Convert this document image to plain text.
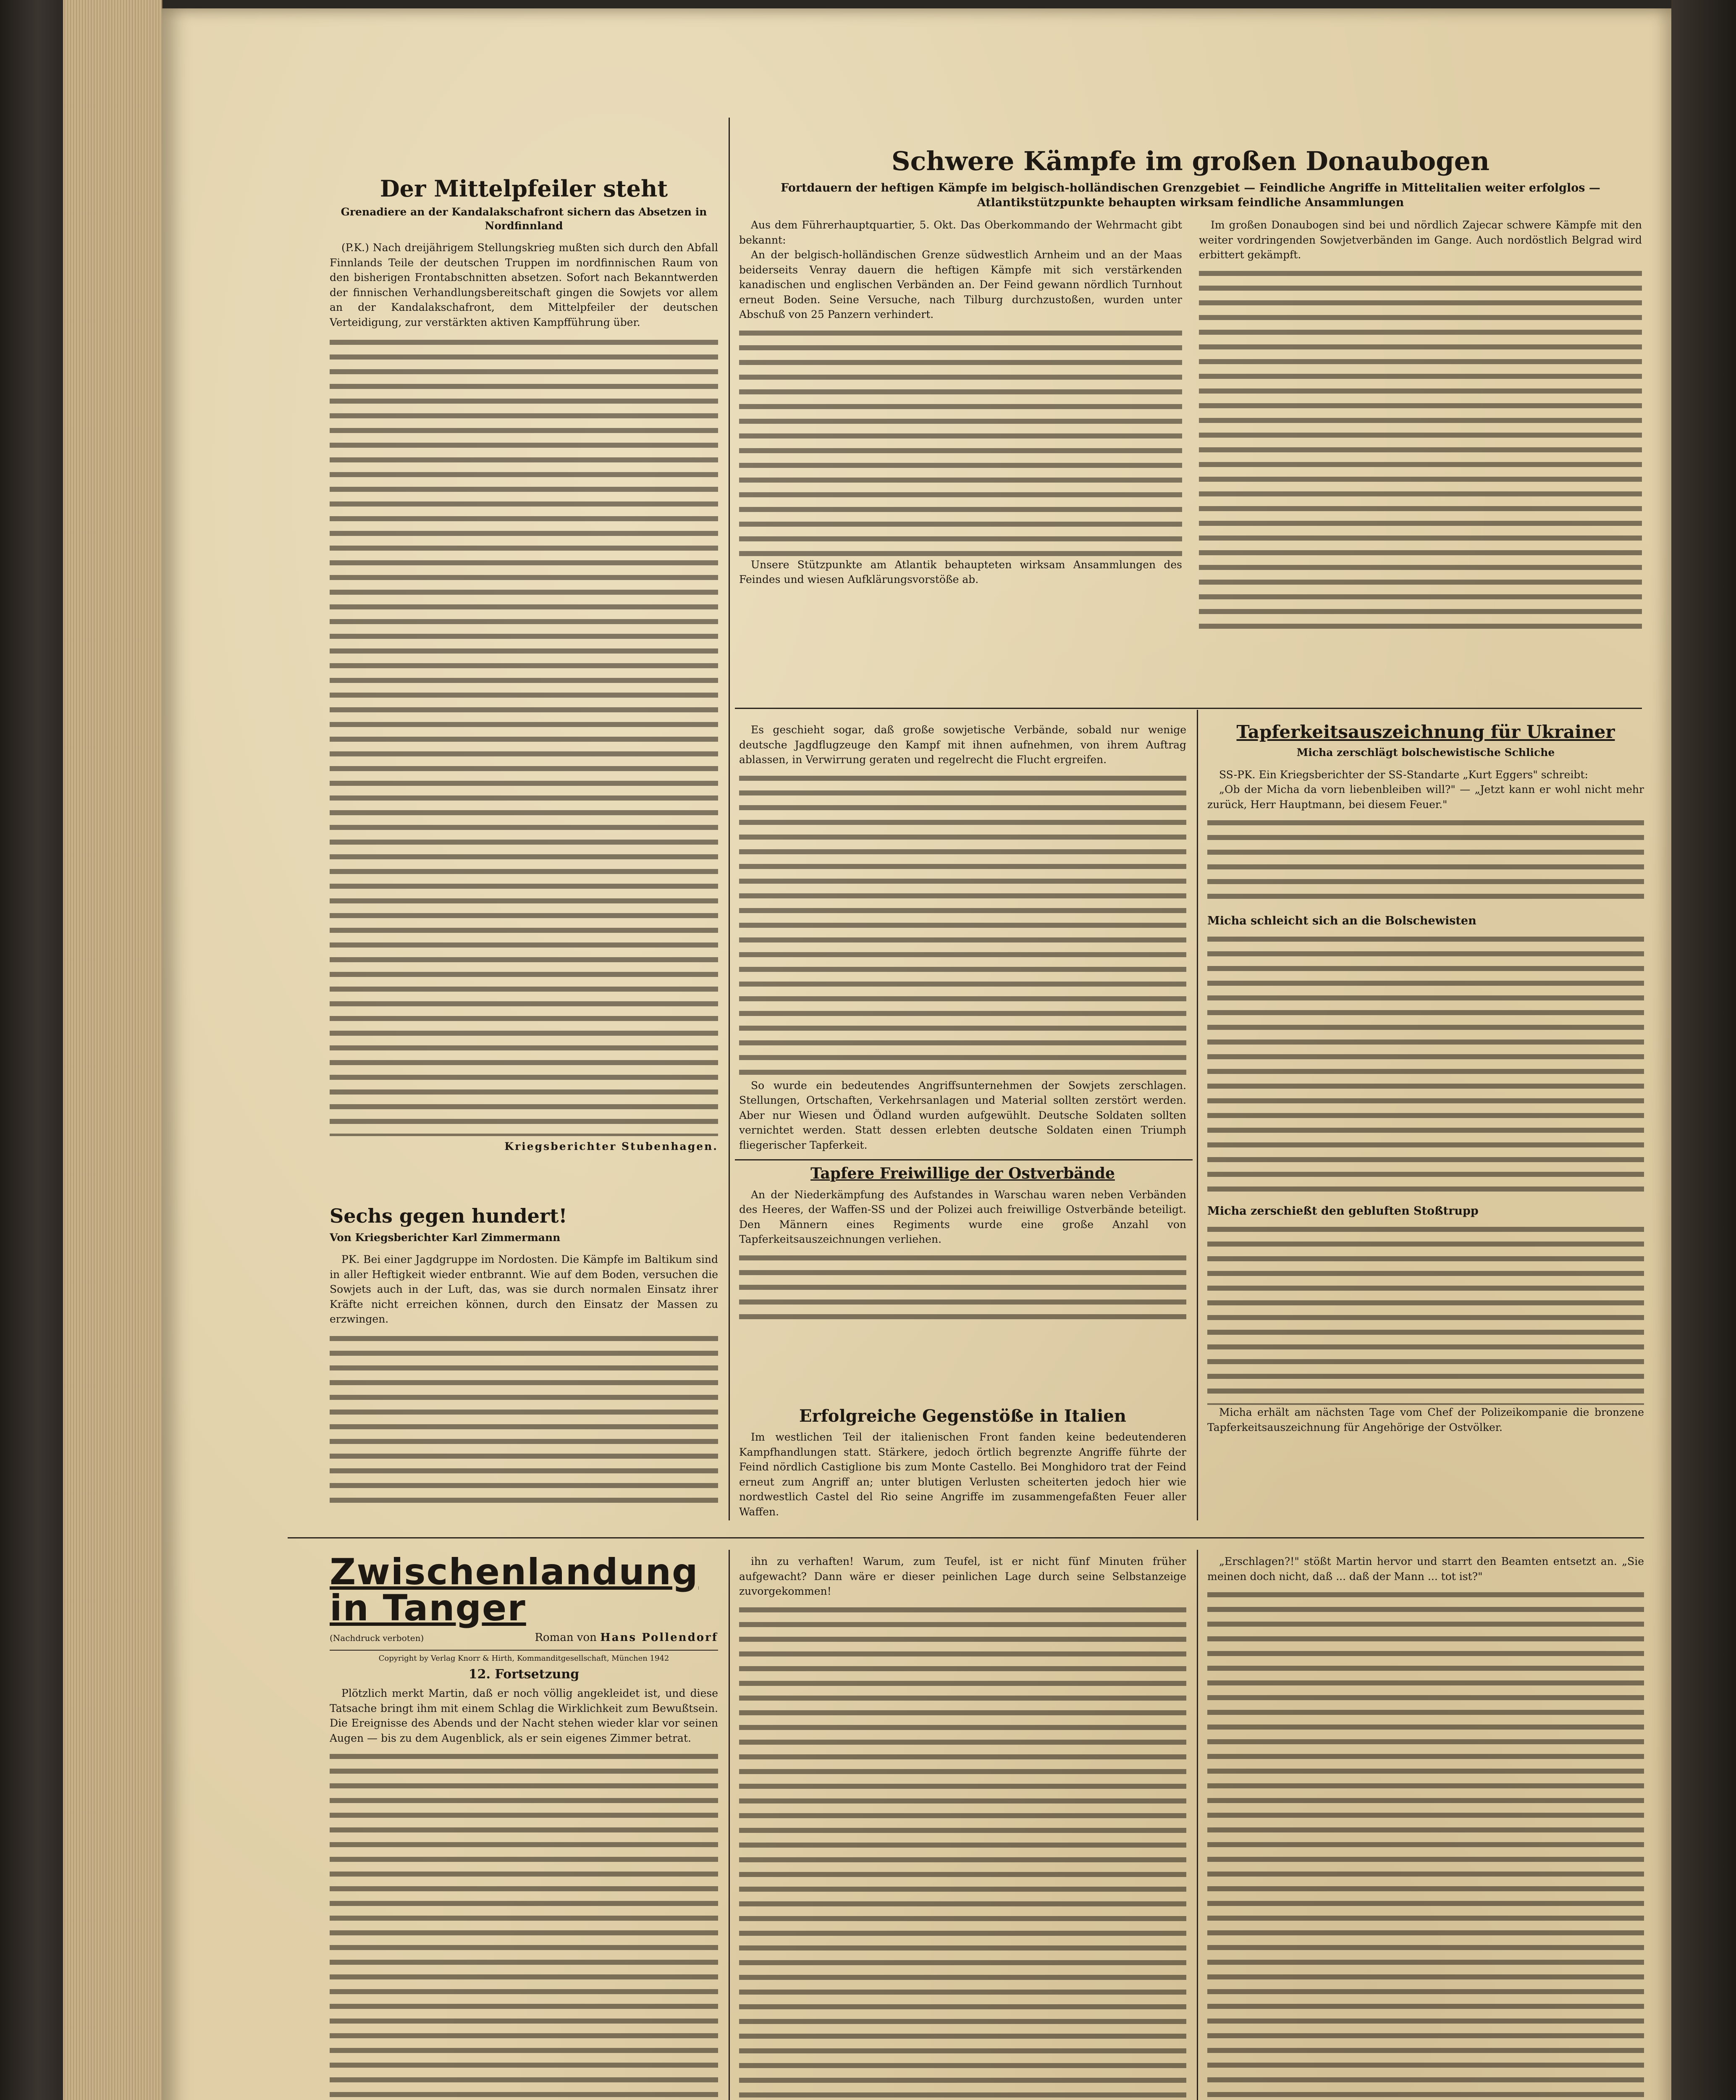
Der Mittelpfeiler steht
Grenadiere an der Kandalakschafront sichern das Absetzen in Nordfinnland

(P.K.) Nach dreijährigem Stellungskrieg mußten sich durch den Abfall Finnlands Teile der deutschen Truppen im nordfinnischen Raum von den bisherigen Frontabschnitten absetzen. Sofort nach Bekanntwerden der finnischen Verhandlungsbereitschaft gingen die Sowjets vor allem an der Kandalakschafront, dem Mittelpfeiler der deutschen Verteidigung, zur verstärkten aktiven Kampfführung über.

Kriegsberichter Stubenhagen.
Sechs gegen hundert!
Von Kriegsberichter Karl Zimmermann

PK. Bei einer Jagdgruppe im Nordosten. Die Kämpfe im Baltikum sind in aller Heftigkeit wieder entbrannt. Wie auf dem Boden, versuchen die Sowjets auch in der Luft, das, was sie durch normalen Einsatz ihrer Kräfte nicht erreichen können, durch den Einsatz der Massen zu erzwingen.

Schwere Kämpfe im großen Donaubogen
Fortdauern der heftigen Kämpfe im belgisch-holländischen Grenzgebiet — Feindliche Angriffe in Mittelitalien weiter erfolglos — Atlantikstützpunkte behaupten wirksam feindliche Ansammlungen

Aus dem Führerhauptquartier, 5. Okt. Das Oberkommando der Wehrmacht gibt bekannt:

An der belgisch-holländischen Grenze südwestlich Arnheim und an der Maas beiderseits Venray dauern die heftigen Kämpfe mit sich verstärkenden kanadischen und englischen Verbänden an. Der Feind gewann nördlich Turnhout erneut Boden. Seine Versuche, nach Tilburg durchzustoßen, wurden unter Abschuß von 25 Panzern verhindert.

Unsere Stützpunkte am Atlantik behaupteten wirksam Ansammlungen des Feindes und wiesen Aufklärungsvorstöße ab.

Im großen Donaubogen sind bei und nördlich Zajecar schwere Kämpfe mit den weiter vordringenden Sowjetverbänden im Gange. Auch nordöstlich Belgrad wird erbittert gekämpft.

Es geschieht sogar, daß große sowjetische Verbände, sobald nur wenige deutsche Jagdflugzeuge den Kampf mit ihnen aufnehmen, von ihrem Auftrag ablassen, in Verwirrung geraten und regelrecht die Flucht ergreifen.

So wurde ein bedeutendes Angriffsunternehmen der Sowjets zerschlagen. Stellungen, Ortschaften, Verkehrsanlagen und Material sollten zerstört werden. Aber nur Wiesen und Ödland wurden aufgewühlt. Deutsche Soldaten sollten vernichtet werden. Statt dessen erlebten deutsche Soldaten einen Triumph fliegerischer Tapferkeit.

Tapfere Freiwillige der Ostverbände

An der Niederkämpfung des Aufstandes in Warschau waren neben Verbänden des Heeres, der Waffen-SS und der Polizei auch freiwillige Ostverbände beteiligt. Den Männern eines Regiments wurde eine große Anzahl von Tapferkeitsauszeichnungen verliehen.

Erfolgreiche Gegenstöße in Italien

Im westlichen Teil der italienischen Front fanden keine bedeutenderen Kampfhandlungen statt. Stärkere, jedoch örtlich begrenzte Angriffe führte der Feind nördlich Castiglione bis zum Monte Castello. Bei Monghidoro trat der Feind erneut zum Angriff an; unter blutigen Verlusten scheiterten jedoch hier wie nordwestlich Castel del Rio seine Angriffe im zusammengefaßten Feuer aller Waffen.

Tapferkeitsauszeichnung für Ukrainer
Micha zerschlägt bolschewistische Schliche

SS-PK. Ein Kriegsberichter der SS-Standarte „Kurt Eggers" schreibt:

„Ob der Micha da vorn liebenbleiben will?" — „Jetzt kann er wohl nicht mehr zurück, Herr Hauptmann, bei diesem Feuer."

Micha schleicht sich an die Bolschewisten
Micha zerschießt den gebluften Stoßtrupp

Micha erhält am nächsten Tage vom Chef der Polizeikompanie die bronzene Tapferkeitsauszeichnung für Angehörige der Ostvölker.

Zwischenlandung in Tanger
(Nachdruck verboten)	Roman von Hans Pollendorf
Copyright by Verlag Knorr & Hirth, Kommanditgesellschaft, München 1942
12. Fortsetzung

Plötzlich merkt Martin, daß er noch völlig angekleidet ist, und diese Tatsache bringt ihm mit einem Schlag die Wirklichkeit zum Bewußtsein. Die Ereignisse des Abends und der Nacht stehen wieder klar vor seinen Augen — bis zu dem Augenblick, als er sein eigenes Zimmer betrat.

ihn zu verhaften! Warum, zum Teufel, ist er nicht fünf Minuten früher aufgewacht? Dann wäre er dieser peinlichen Lage durch seine Selbstanzeige zuvorgekommen!

„Erschlagen?!" stößt Martin hervor und starrt den Beamten entsetzt an. „Sie meinen doch nicht, daß ... daß der Mann ... tot ist?"
